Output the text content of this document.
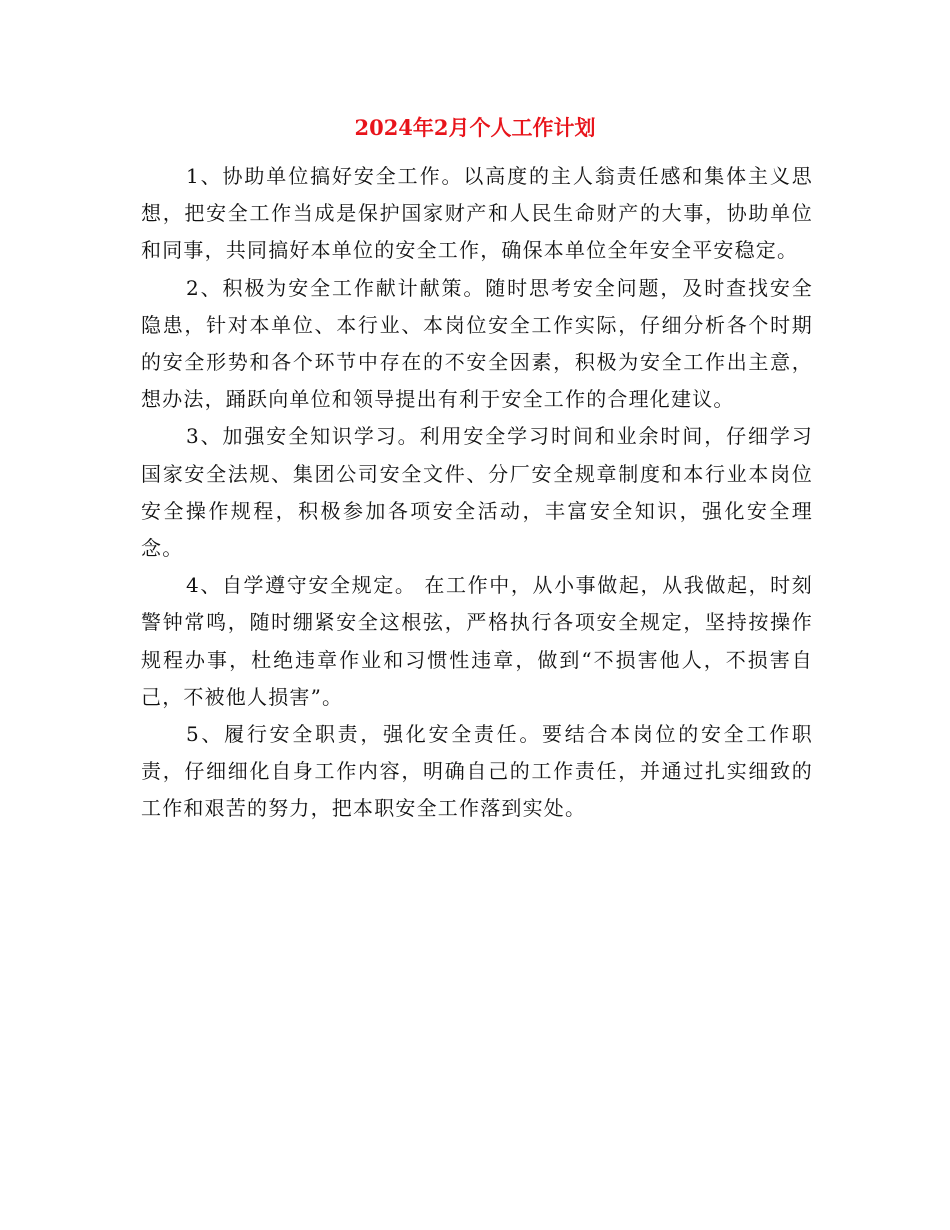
2024年2月个人工作计划

1、协助单位搞好安全工作。以高度的主人翁责任感和集体主义思想，把安全工作当成是保护国家财产和人民生命财产的大事，协助单位和同事，共同搞好本单位的安全工作，确保本单位全年安全平安稳定。

2、积极为安全工作献计献策。随时思考安全问题，及时查找安全隐患，针对本单位、本行业、本岗位安全工作实际，仔细分析各个时期的安全形势和各个环节中存在的不安全因素，积极为安全工作出主意，想办法，踊跃向单位和领导提出有利于安全工作的合理化建议。

3、加强安全知识学习。利用安全学习时间和业余时间，仔细学习国家安全法规、集团公司安全文件、分厂安全规章制度和本行业本岗位安全操作规程，积极参加各项安全活动，丰富安全知识，强化安全理念。

4、自学遵守安全规定。 在工作中，从小事做起，从我做起，时刻警钟常鸣，随时绷紧安全这根弦，严格执行各项安全规定，坚持按操作规程办事，杜绝违章作业和习惯性违章，做到“不损害他人，不损害自己，不被他人损害”。

5、履行安全职责，强化安全责任。要结合本岗位的安全工作职责，仔细细化自身工作内容，明确自己的工作责任，并通过扎实细致的工作和艰苦的努力，把本职安全工作落到实处。
